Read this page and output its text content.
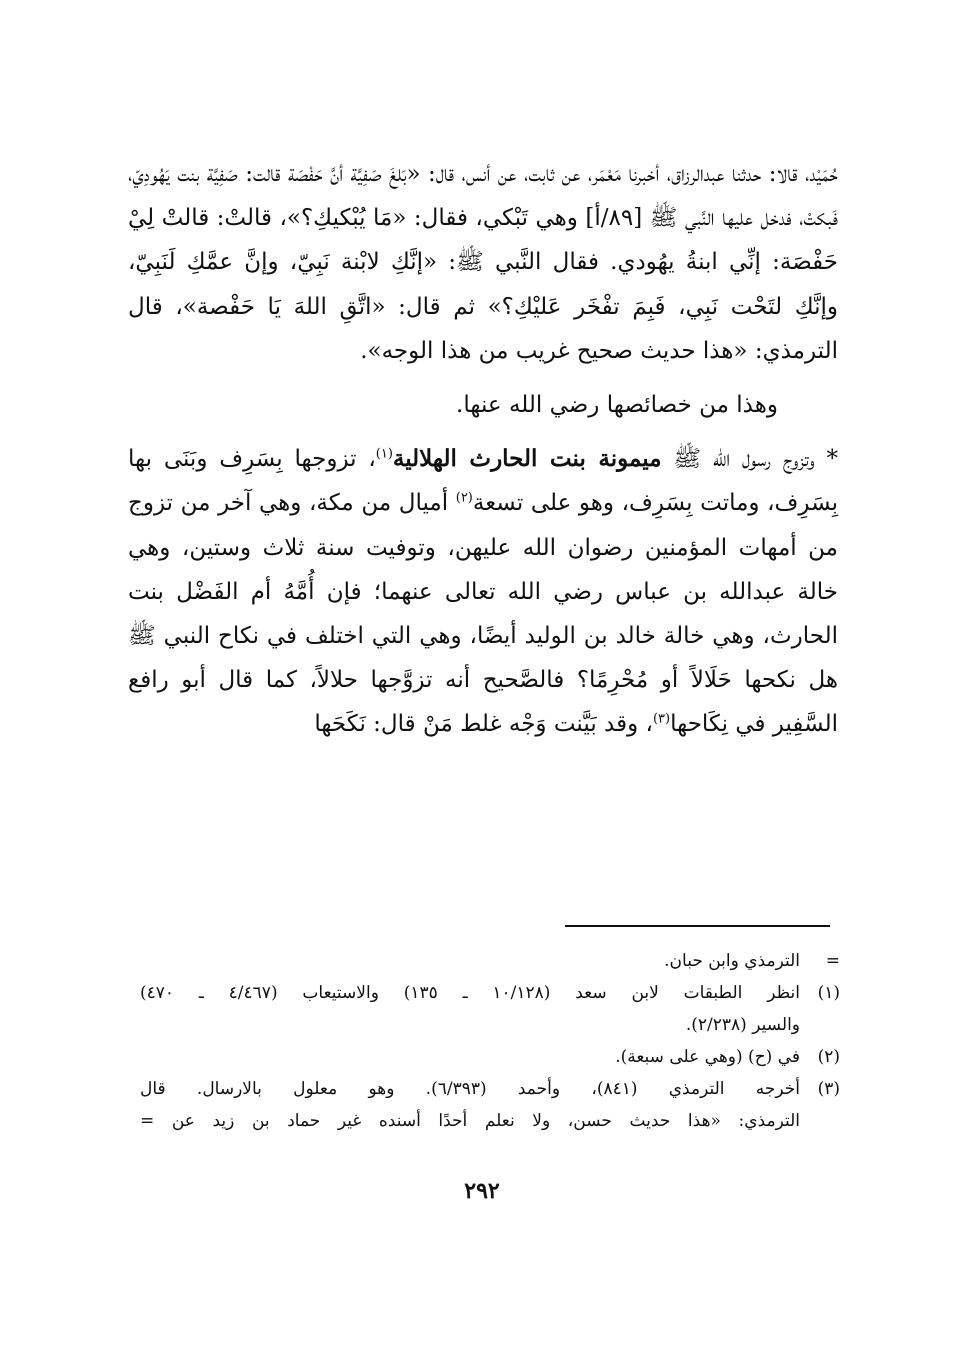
حُمَيْد، قالا: حدثنا عبدالرزاق، أخبرنا مَعْمَر، عن ثابت، عن أنس، قال: «بَلغَ صَفِيَّة أنَّ حَفْصَة قالت: صَفِيَّة بنت يَهُودِيّ، فَبكتْ، فدخل عليها النَّبي ﷺ [٨٩/أ] وهي تَبْكي، فقال: «مَا يُبْكيكِ؟»، قالتْ: قالتْ لِيْ حَفْصَة: إنِّي ابنةُ يهُودي. فقال النَّبي ﷺ: «إنَّكِ لابْنة نَبِيّ، وإنَّ عمَّكِ لَنَبِيّ، وإنَّكِ لتَحْت نَبِي، فَبِمَ تفْخَر عَليْكِ؟» ثم قال: «اتَّقِ اللهَ يَا حَفْصة»، قال الترمذي: «هذا حديث صحيح غريب من هذا الوجه».

وهذا من خصائصها رضي الله عنها.

* وتزوج رسول الله ﷺ ميمونة بنت الحارث الهلالية$^{(١)}$، تزوجها بِسَرِف وبَنَى بها بِسَرِف، وماتت بِسَرِف، وهو على تسعة$^{(٢)}$ أميال من مكة، وهي آخر من تزوج من أمهات المؤمنين رضوان الله عليهن، وتوفيت سنة ثلاث وستين، وهي خالة عبدالله بن عباس رضي الله تعالى عنهما؛ فإن أُمَّهُ أم الفَضْل بنت الحارث، وهي خالة خالد بن الوليد أيضًا، وهي التي اختلف في نكاح النبي ﷺ هل نكحها حَلَالاً أو مُحْرِمًا؟ فالصَّحيح أنه تزوَّجها حلالاً، كما قال أبو رافع السَّفِير في نِكَاحها$^{(٣)}$، وقد بَيَّنت وَجْه غلط مَنْ قال: نَكَحَها

=
الترمذي وابن حبان.
(١)
انظر الطبقات لابن سعد (١٠/١٢٨ ـ ١٣٥) والاستيعاب (٤/٤٦٧ ـ ٤٧٠)
والسير (٢/٢٣٨).
(٢)
في (ح) (وهي على سبعة).
(٣)
أخرجه الترمذي (٨٤١)، وأحمد (٦/٣٩٣). وهو معلول بالارسال. قال
الترمذي: «هذا حديث حسن، ولا نعلم أحدًا أسنده غير حماد بن زيد عن =
٢٩٢
